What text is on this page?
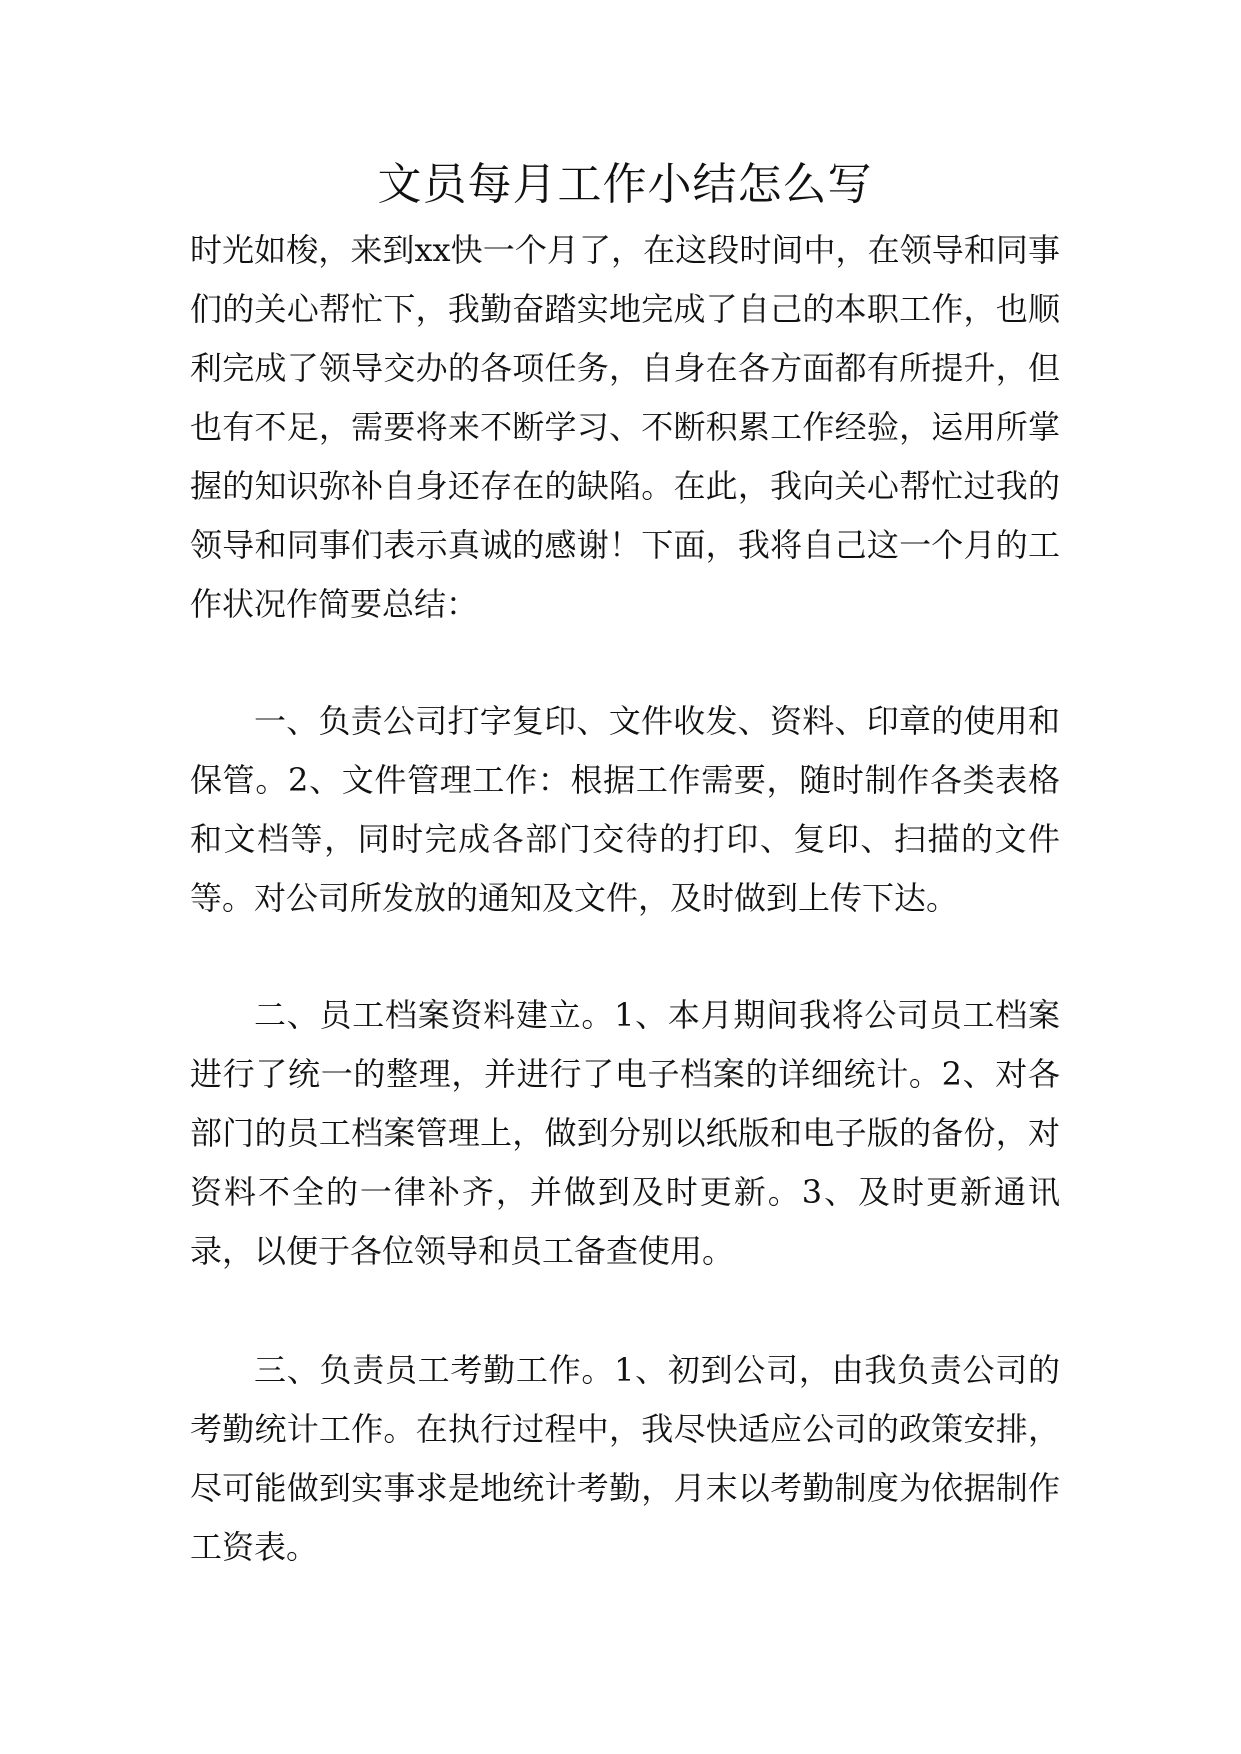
文员每月工作小结怎么写

时光如梭，来到xx快一个月了，在这段时间中，在领导和同事们的关心帮忙下，我勤奋踏实地完成了自己的本职工作，也顺利完成了领导交办的各项任务，自身在各方面都有所提升，但也有不足，需要将来不断学习、不断积累工作经验，运用所掌握的知识弥补自身还存在的缺陷。在此，我向关心帮忙过我的领导和同事们表示真诚的感谢！下面，我将自己这一个月的工作状况作简要总结：

一、负责公司打字复印、文件收发、资料、印章的使用和保管。2、文件管理工作：根据工作需要，随时制作各类表格和文档等，同时完成各部门交待的打印、复印、扫描的文件等。对公司所发放的通知及文件，及时做到上传下达。

二、员工档案资料建立。1、本月期间我将公司员工档案进行了统一的整理，并进行了电子档案的详细统计。2、对各部门的员工档案管理上，做到分别以纸版和电子版的备份，对资料不全的一律补齐，并做到及时更新。3、及时更新通讯录，以便于各位领导和员工备查使用。

三、负责员工考勤工作。1、初到公司，由我负责公司的考勤统计工作。在执行过程中，我尽快适应公司的政策安排，尽可能做到实事求是地统计考勤，月末以考勤制度为依据制作工资表。
